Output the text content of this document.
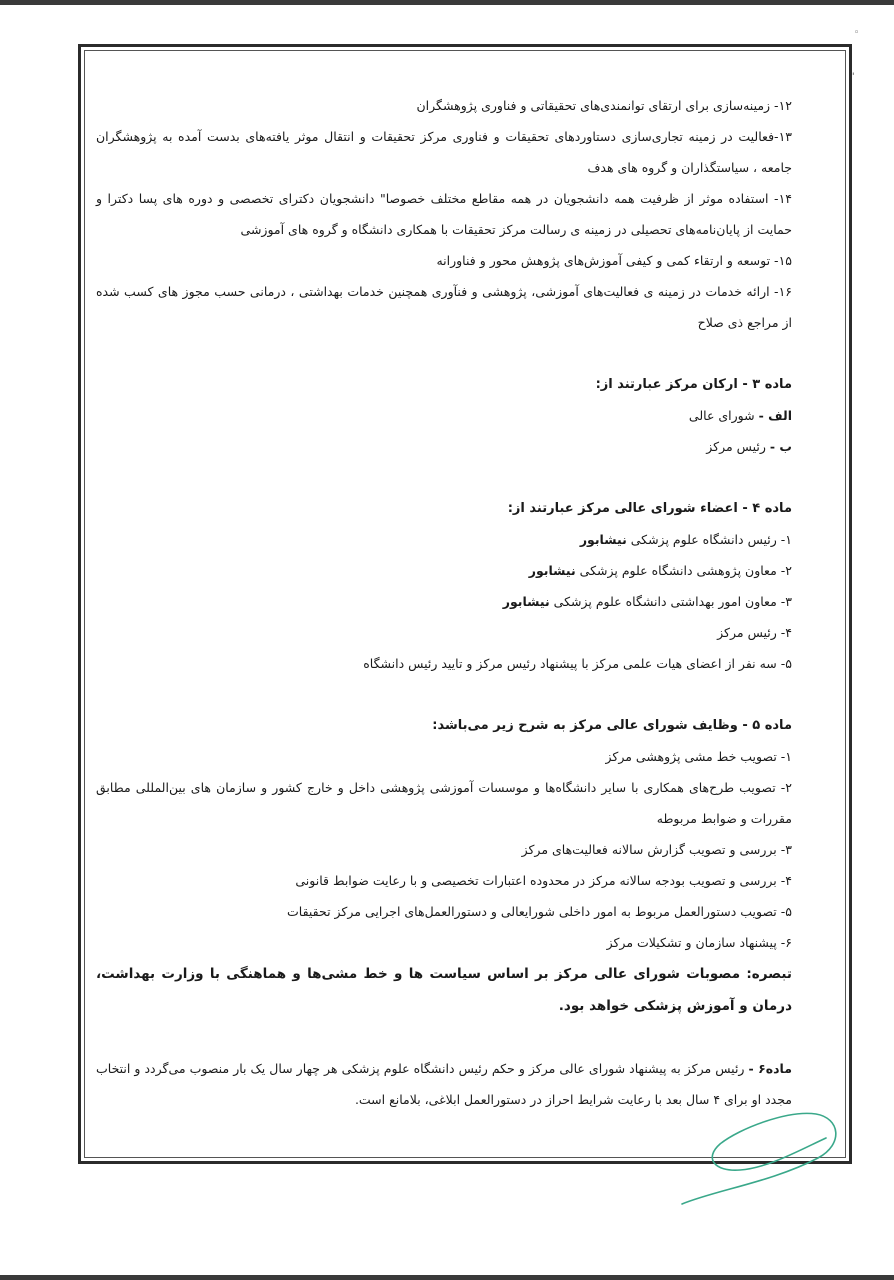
◦
'

۱۲- زمینه‌سازی برای ارتقای توانمندی‌های تحقیقاتی و فناوری پژوهشگران

۱۳-فعالیت در زمینه تجاری‌سازی دستاوردهای تحقیقات و فناوری مرکز تحقیقات و انتقال موثر یافته‌های بدست آمده به پژوهشگران جامعه ، سیاستگذاران و گروه های هدف

۱۴- استفاده موثر از ظرفیت همه دانشجویان در همه مقاطع مختلف خصوصا" دانشجویان دکترای تخصصی و دوره های پسا دکترا و حمایت از پایان‌نامه‌های تحصیلی در زمینه ی رسالت مرکز تحقیقات با همکاری دانشگاه و گروه های آموزشی

۱۵- توسعه و ارتقاء کمی و کیفی آموزش‌های پژوهش محور و فناورانه

۱۶- ارائه خدمات در زمینه ی فعالیت‌های آموزشی، پژوهشی و فنآوری همچنین خدمات بهداشتی ، درمانی حسب مجوز های کسب شده از مراجع ذی صلاح

ماده ۳ - ارکان مرکز عبارتند از:

الف - شورای عالی

ب - رئیس مرکز

ماده ۴ - اعضاء شورای عالی مرکز عبارتند از:

۱- رئیس دانشگاه علوم پزشکی نیشابور

۲- معاون پژوهشی دانشگاه علوم پزشکی نیشابور

۳- معاون امور بهداشتی دانشگاه علوم پزشکی نیشابور

۴- رئیس مرکز

۵- سه نفر از اعضای هیات علمی مرکز با پیشنهاد رئیس مرکز و تایید رئیس دانشگاه

ماده ۵ - وظایف شورای عالی مرکز به شرح زیر می‌باشد:

۱- تصویب خط مشی پژوهشی مرکز

۲- تصویب طرح‌های همکاری با سایر دانشگاه‌ها و موسسات آموزشی پژوهشی داخل و خارج کشور و سازمان های بین‌المللی مطابق مقررات و ضوابط مربوطه

۳- بررسی و تصویب گزارش سالانه فعالیت‌های مرکز

۴- بررسی و تصویب بودجه سالانه مرکز در محدوده اعتبارات تخصیصی و با رعایت ضوابط قانونی

۵- تصویب دستورالعمل مربوط به امور داخلی شورایعالی و دستورالعمل‌های اجرایی مرکز تحقیقات

۶- پیشنهاد سازمان و تشکیلات مرکز

تبصره: مصوبات شورای عالی مرکز بر اساس سیاست ها و خط مشی‌ها و هماهنگی با وزارت بهداشت، درمان و آموزش پزشکی خواهد بود.

ماده۶ - رئیس مرکز به پیشنهاد شورای عالی مرکز و حکم رئیس دانشگاه علوم پزشکی هر چهار سال یک بار منصوب می‌گردد و انتخاب مجدد او برای ۴ سال بعد با رعایت شرایط احراز در دستورالعمل ابلاغی، بلامانع است.
